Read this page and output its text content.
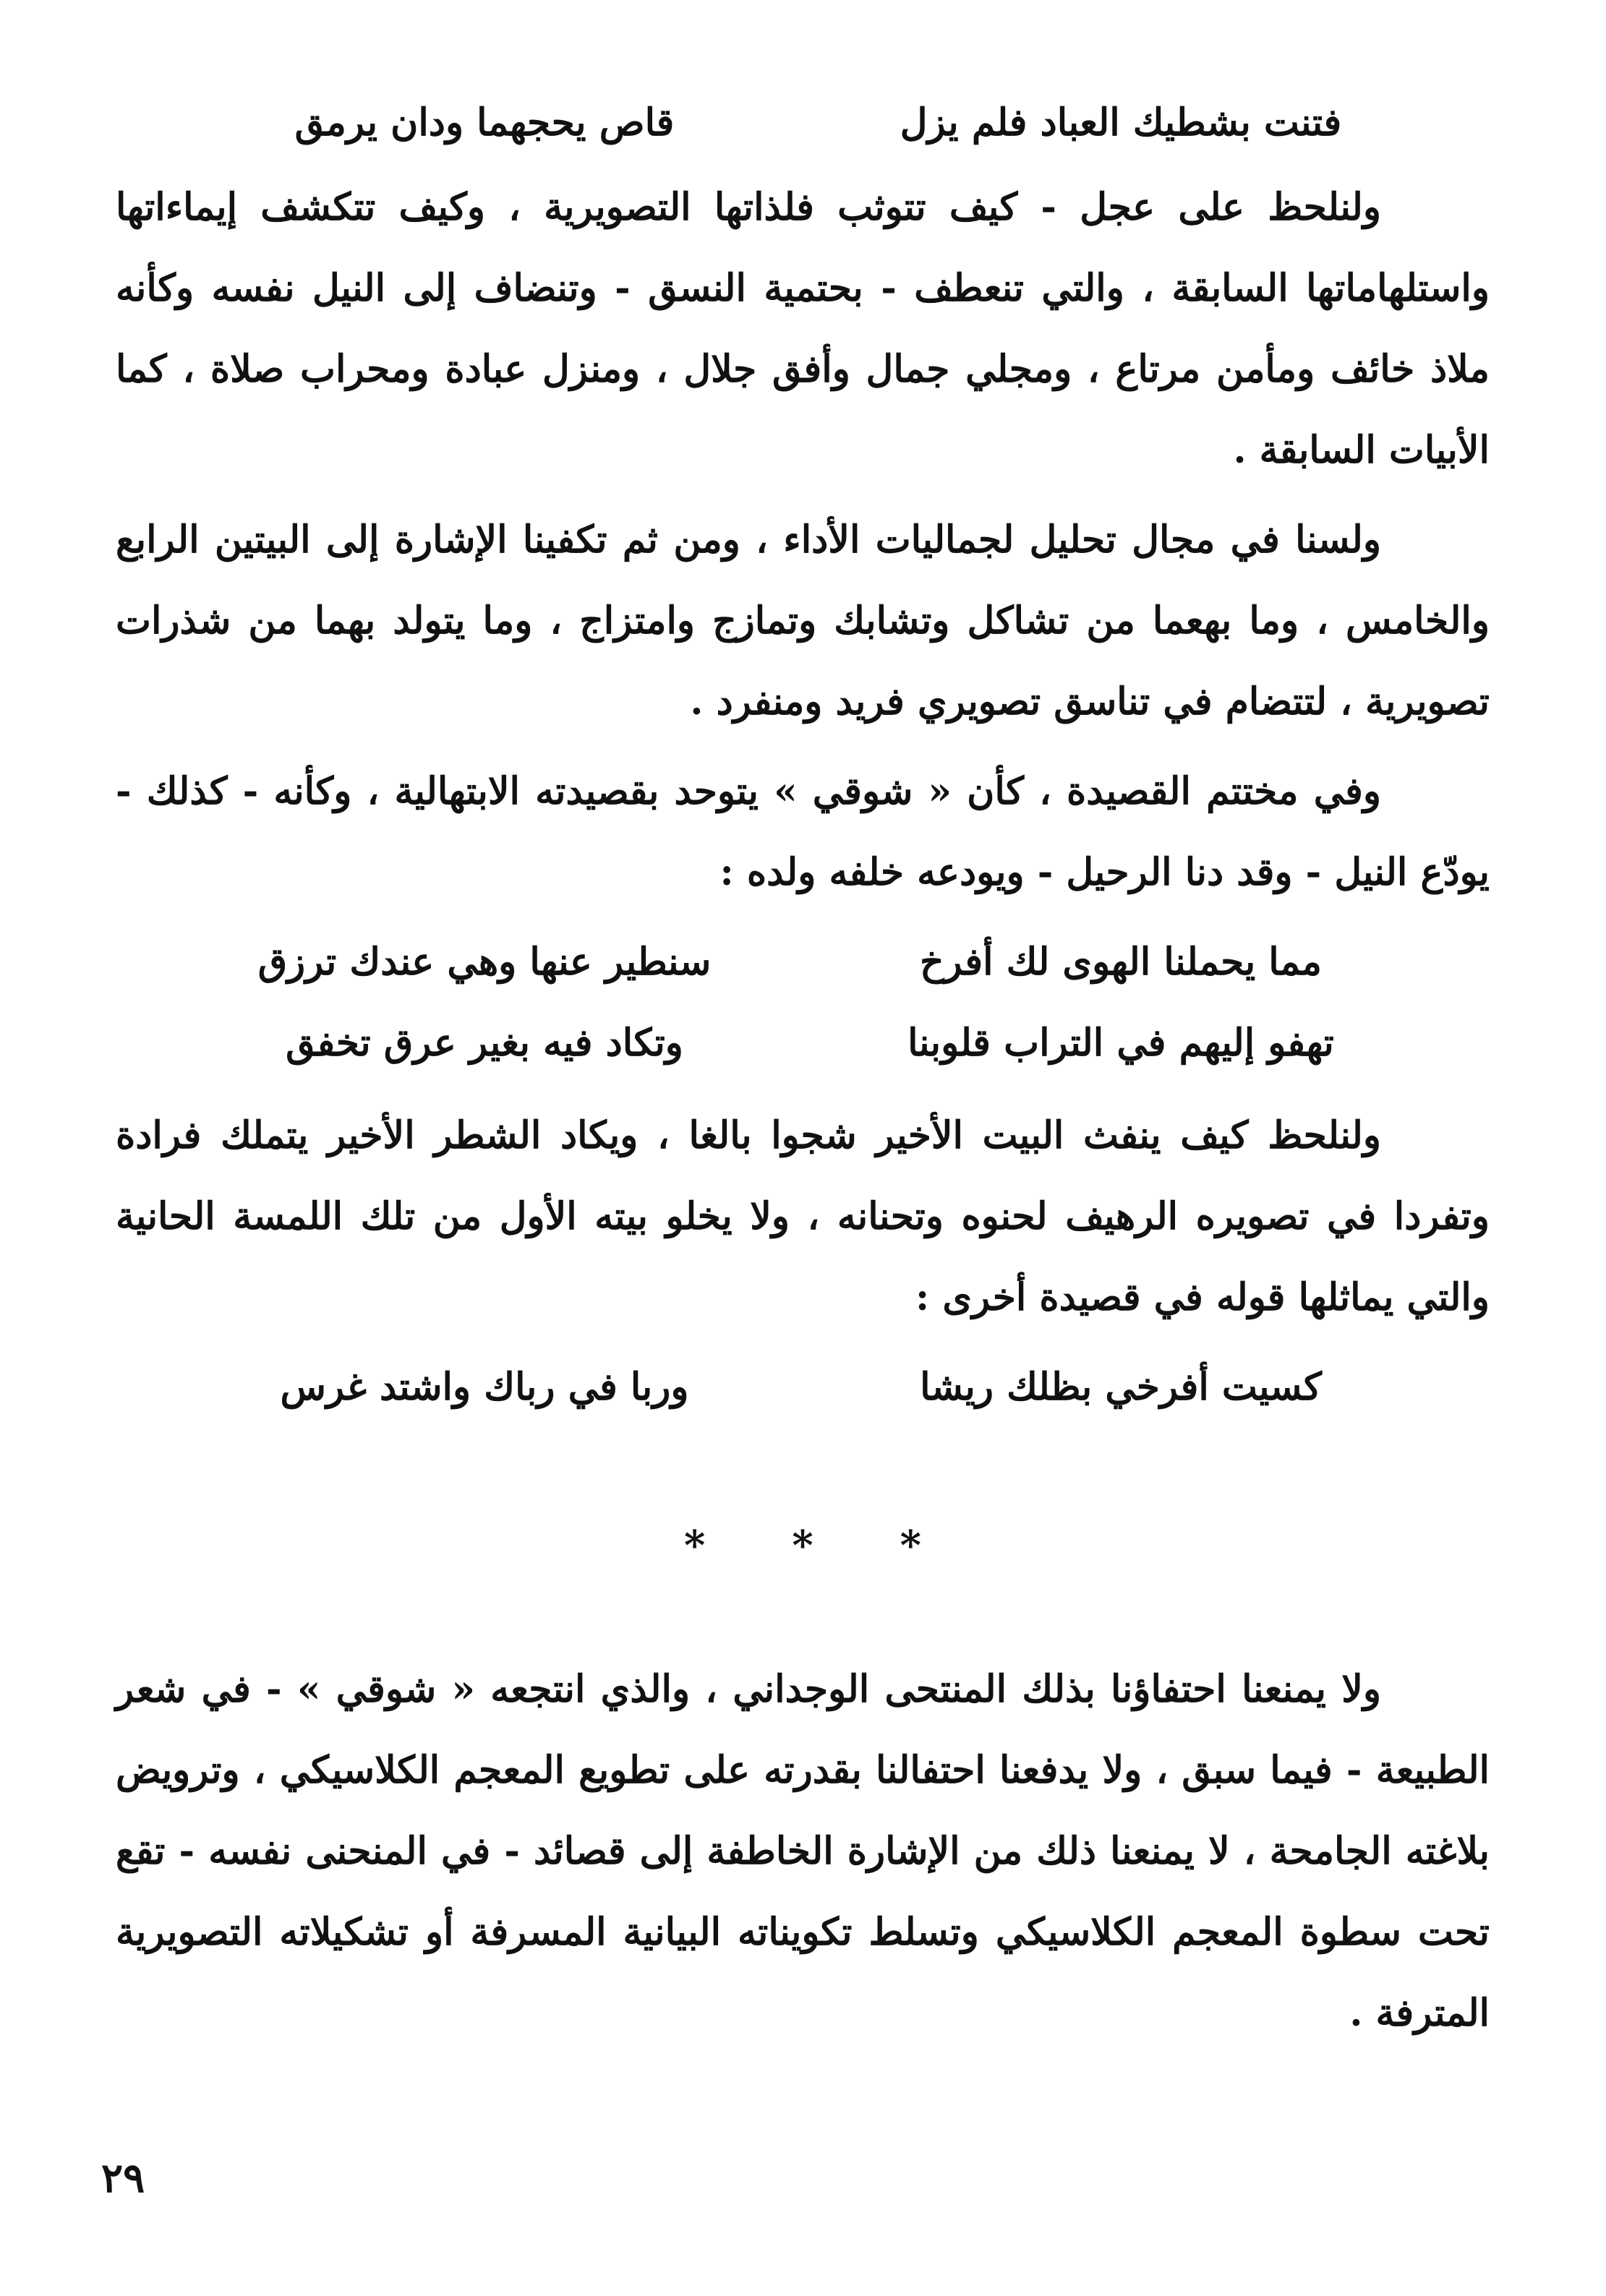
فتنت بشطيك العباد فلم يزل
قاص يحجهما ودان يرمق

ولنلحظ على عجل - كيف تتوثب فلذاتها التصويرية ، وكيف تتكشف إيماءاتها واستلهاماتها السابقة ، والتي تنعطف - بحتمية النسق - وتنضاف إلى النيل نفسه وكأنه ملاذ خائف ومأمن مرتاع ، ومجلي جمال وأفق جلال ، ومنزل عبادة ومحراب صلاة ، كما الأبيات السابقة .

ولسنا في مجال تحليل لجماليات الأداء ، ومن ثم تكفينا الإشارة إلى البيتين الرابع والخامس ، وما بهعما من تشاكل وتشابك وتمازج وامتزاج ، وما يتولد بهما من شذرات تصويرية ، لتتضام في تناسق تصويري فريد ومنفرد .

وفي مختتم القصيدة ، كأن « شوقي » يتوحد بقصيدته الابتهالية ، وكأنه - كذلك - يودّع النيل - وقد دنا الرحيل - ويودعه خلفه ولده :

مما يحملنا الهوى لك أفرخ
سنطير عنها وهي عندك ترزق
تهفو إليهم في التراب قلوبنا
وتكاد فيه بغير عرق تخفق

ولنلحظ كيف ينفث البيت الأخير شجوا بالغا ، ويكاد الشطر الأخير يتملك فرادة وتفردا في تصويره الرهيف لحنوه وتحنانه ، ولا يخلو بيته الأول من تلك اللمسة الحانية والتي يماثلها قوله في قصيدة أخرى :

كسيت أفرخي بظلك ريشا
وربا في رباك واشتد غرس
* * *

ولا يمنعنا احتفاؤنا بذلك المنتحى الوجداني ، والذي انتجعه « شوقي » - في شعر الطبيعة - فيما سبق ، ولا يدفعنا احتفالنا بقدرته على تطويع المعجم الكلاسيكي ، وترويض بلاغته الجامحة ، لا يمنعنا ذلك من الإشارة الخاطفة إلى قصائد - في المنحنى نفسه - تقع تحت سطوة المعجم الكلاسيكي وتسلط تكويناته البيانية المسرفة أو تشكيلاته التصويرية المترفة .

٢٩
